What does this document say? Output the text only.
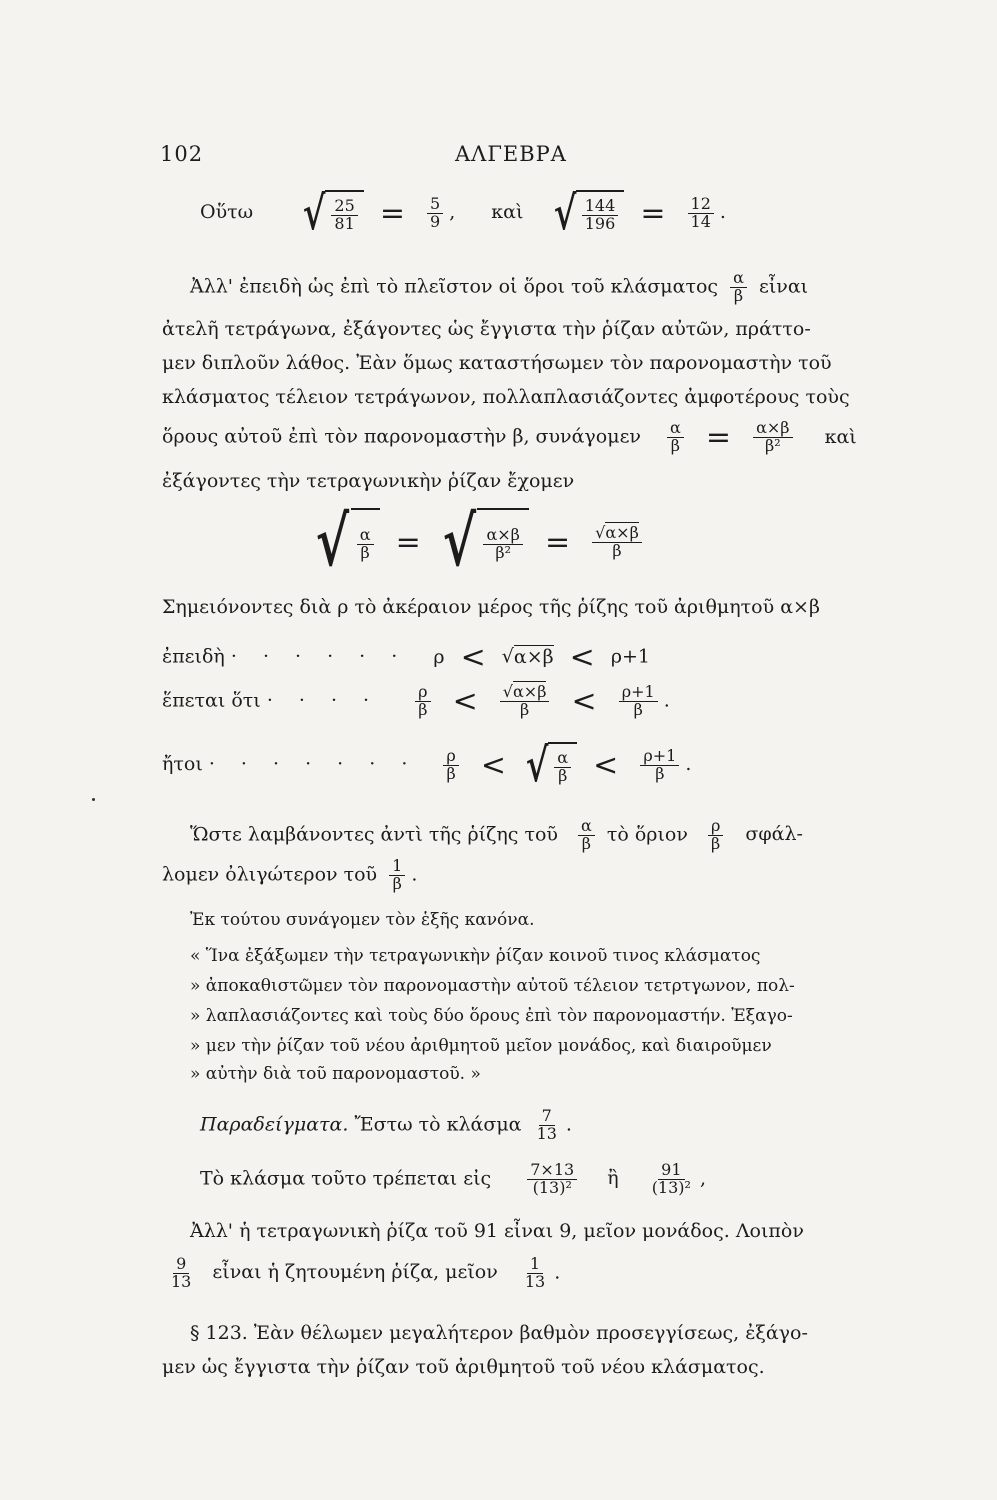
102	ΑΛΓΕΒΡΑ
Οὕτω √ $\frac{25}{81} = \frac{5}{9}$ , καὶ √ $\frac{144}{196} = \frac{12}{14}$ .
Ἀλλ' ἐπειδὴ ὡς ἐπὶ τὸ πλεῖστον οἱ ὅροι τοῦ κλάσματος $\frac{\alpha}{\beta}$ εἶναι
ἀτελῆ τετράγωνα, ἐξάγοντες ὡς ἔγγιστα τὴν ῥίζαν αὐτῶν, πράττο-
μεν διπλοῦν λάθος. Ἐὰν ὅμως καταστήσωμεν τὸν παρονομαστὴν τοῦ
κλάσματος τέλειον τετράγωνον, πολλαπλασιάζοντες ἀμφοτέρους τοὺς
ὅρους αὐτοῦ ἐπὶ τὸν παρονομαστὴν β, συνάγομεν $\frac{\alpha}{\beta} = \frac{\alpha\times\beta}{\text{β²}}$ καὶ
ἐξάγοντες τὴν τετραγωνικὴν ῥίζαν ἔχομεν
√ $\frac{\alpha}{\beta}$ = √ $\frac{\alpha\times\beta}{\text{β²}} = \frac{√\alpha\times\beta}{\beta}$
Σημειόνοντες διὰ ρ τὸ ἀκέραιον μέρος τῆς ῥίζης τοῦ ἀριθμητοῦ α×β
ἐπειδὴ · · · · · · ρ < √α×β < ρ+1
ἕπεται ὅτι · · · · $\frac{\rho}{\beta} < \frac{√\alpha\times\beta}{\beta} < \frac{\rho+1}{\beta}$ .
ἤτοι · · · · · · · $\frac{\rho}{\beta}$ < √ $\frac{\alpha}{\beta} < \frac{\rho+1}{\beta}$ .
Ὥστε λαμβάνοντες ἀντὶ τῆς ῥίζης τοῦ $\frac{\alpha}{\beta}$ τὸ ὅριον $\frac{\rho}{\beta} \sigma\varphi ά\lambda-$
λομεν ὀλιγώτερον τοῦ $\frac{1}{\beta}$ .
Ἐκ τούτου συνάγομεν τὸν ἑξῆς κανόνα.
« Ἵνα ἐξάξωμεν τὴν τετραγωνικὴν ῥίζαν κοινοῦ τινος κλάσματος
» ἀποκαθιστῶμεν τὸν παρονομαστὴν αὐτοῦ τέλειον τετρτγωνον, πολ-
» λαπλασιάζοντες καὶ τοὺς δύο ὅρους ἐπὶ τὸν παρονομαστήν. Ἐξαγο-
» μεν τὴν ῥίζαν τοῦ νέου ἀριθμητοῦ μεῖον μονάδος, καὶ διαιροῦμεν
» αὐτὴν διὰ τοῦ παρονομαστοῦ. »
Παραδείγματα. Ἔστω τὸ κλάσμα $\frac{7}{13}$ .
Τὸ κλάσμα τοῦτο τρέπεται εἰς $\frac{7\times 13}{\text{(13)²}}$ ἢ $\frac{91}{\text{(13)²}}$ ,
Ἀλλ' ἡ τετραγωνικὴ ῥίζα τοῦ 91 εἶναι 9, μεῖον μονάδος. Λοιπὸν
$\frac{9}{13}$ εἶναι ἡ ζητουμένη ῥίζα, μεῖον $\frac{1}{13}$ .
§ 123. Ἐὰν θέλωμεν μεγαλήτερον βαθμὸν προσεγγίσεως, ἐξάγο-
μεν ὡς ἔγγιστα τὴν ῥίζαν τοῦ ἀριθμητοῦ τοῦ νέου κλάσματος.
